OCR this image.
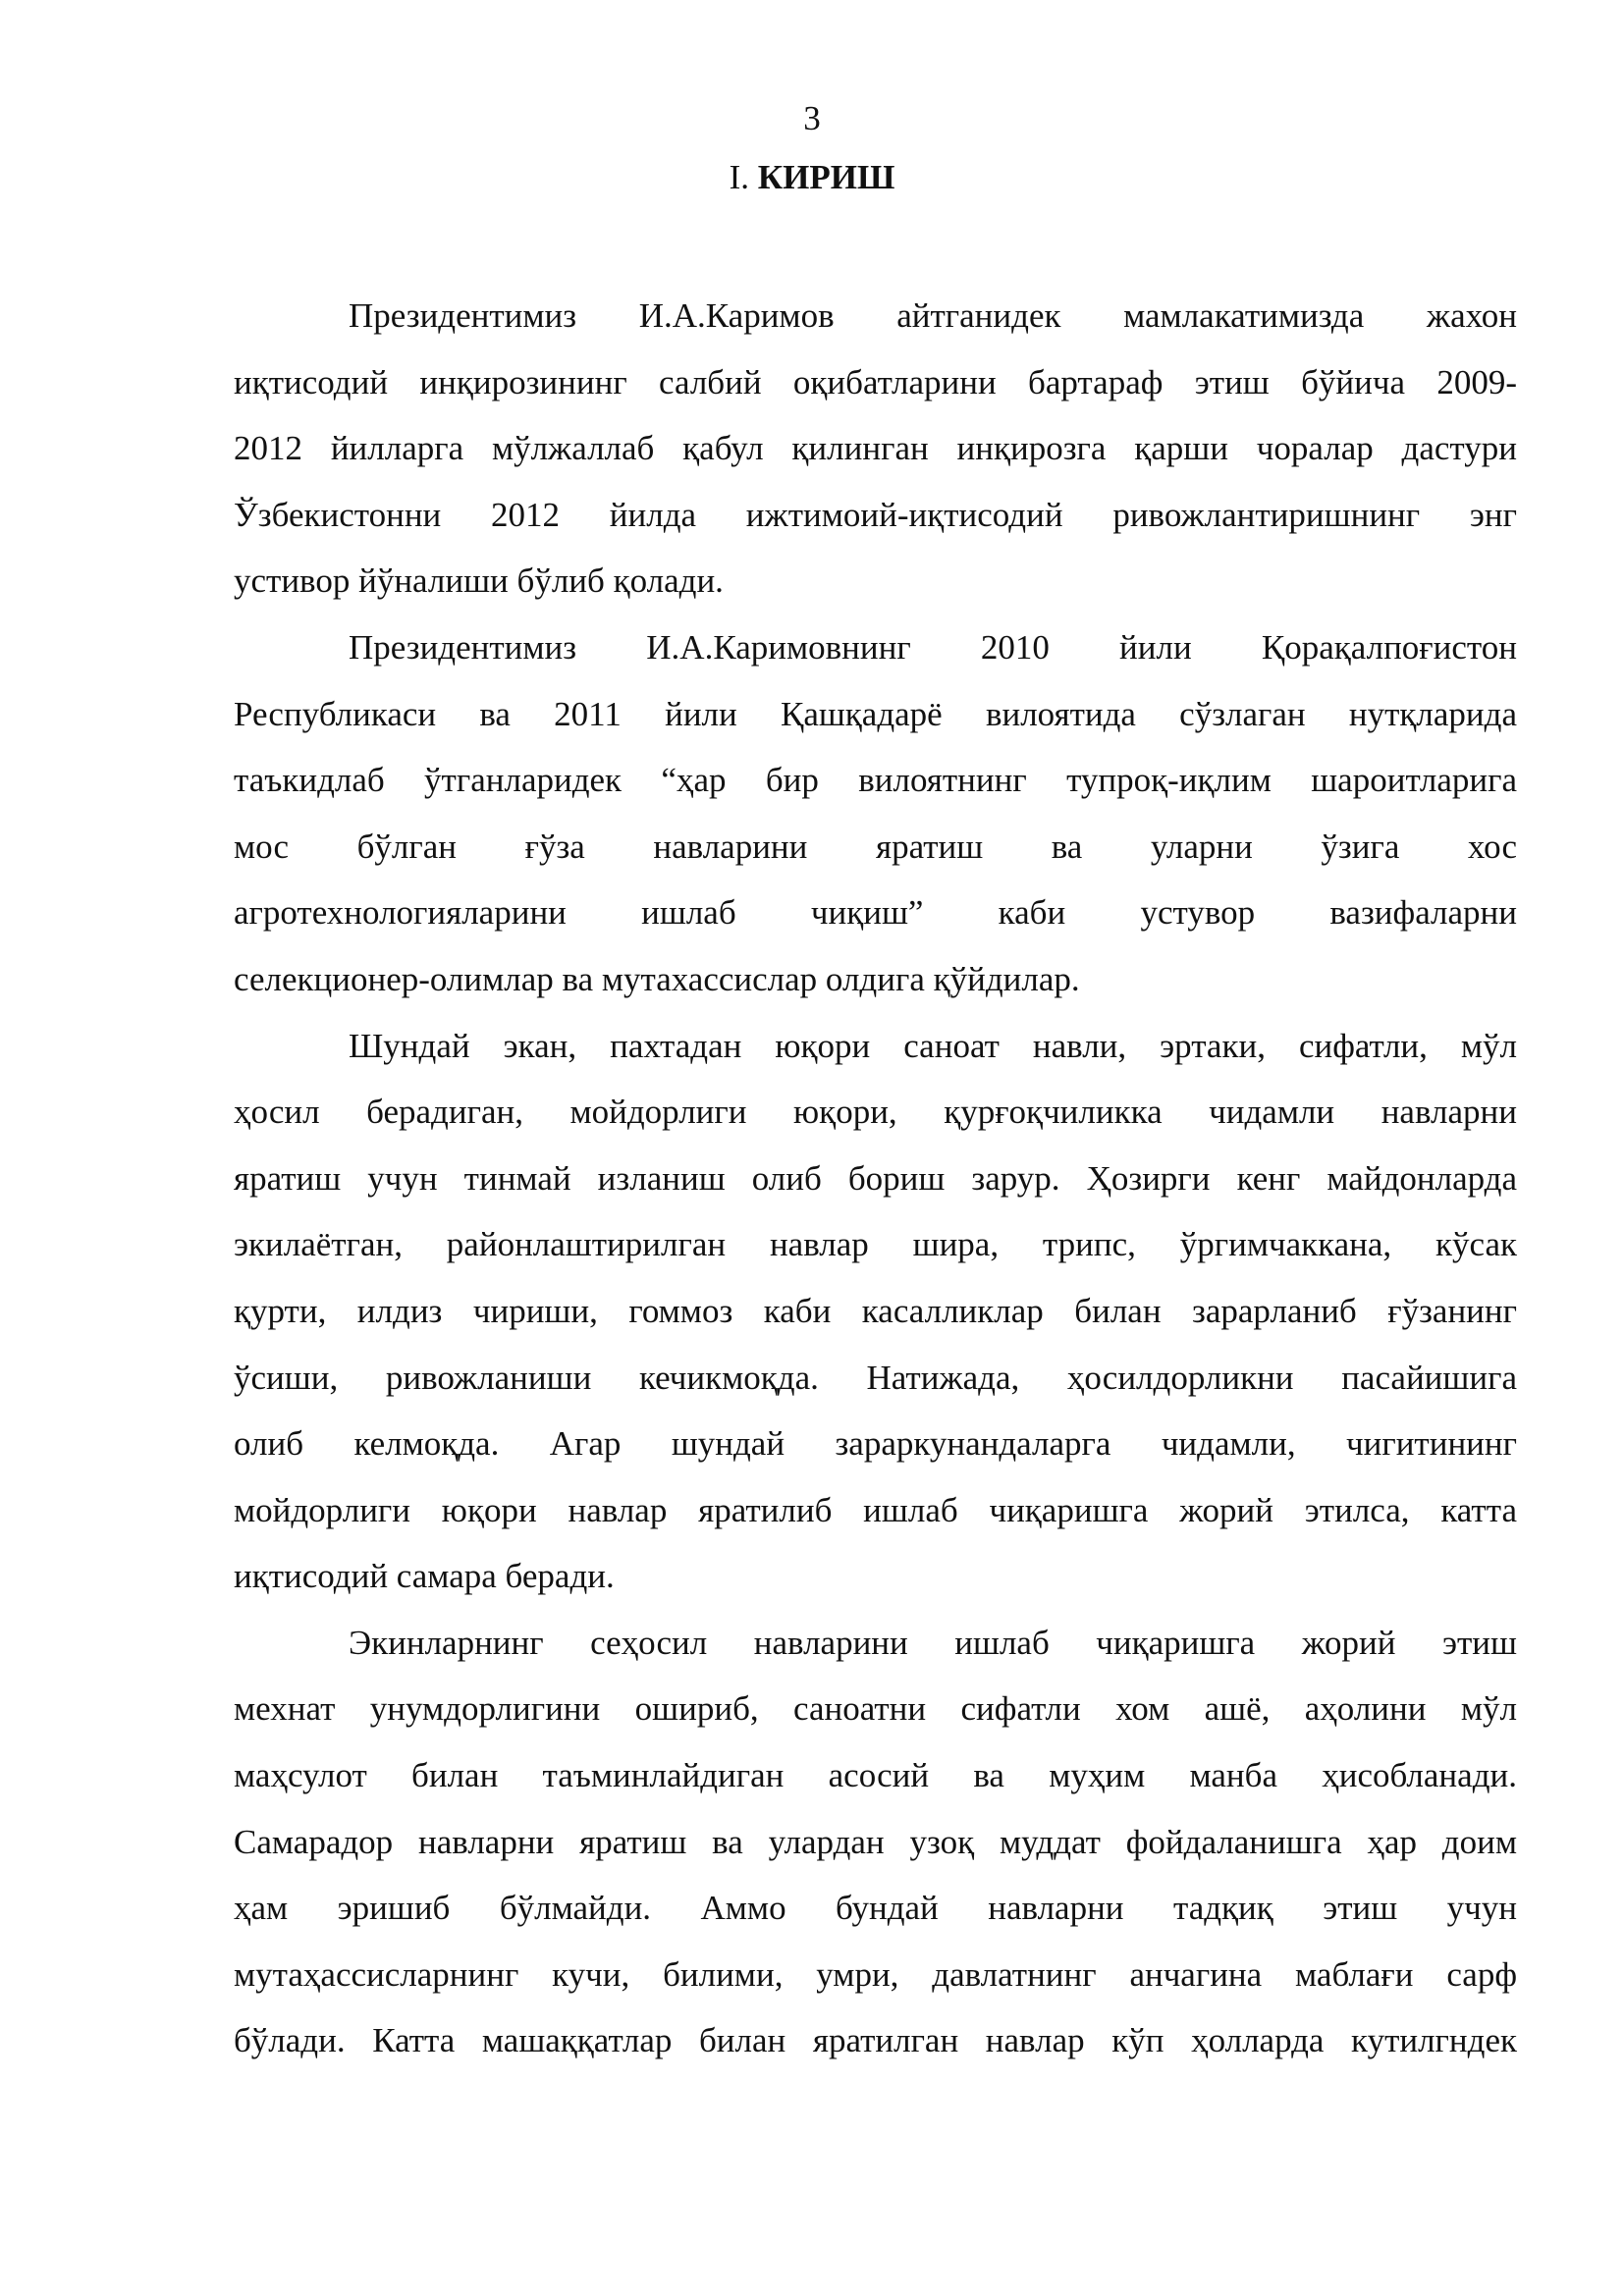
3
I. КИРИШ
Президентимиз И.А.Каримов айтганидек мамлакатимизда жахон
иқтисодий инқирозининг салбий оқибатларини бартараф этиш бўйича 2009-
2012 йилларга мўлжаллаб қабул қилинган инқирозга қарши чоралар дастури
Ўзбекистонни 2012 йилда ижтимоий-иқтисодий ривожлантиришнинг энг
устивор йўналиши бўлиб қолади.
Президентимиз И.А.Каримовнинг 2010 йили Қорақалпоғистон
Республикаси ва 2011 йили Қашқадарё вилоятида сўзлаган нутқларида
таъкидлаб ўтганларидек “ҳар бир вилоятнинг тупроқ-иқлим шароитларига
мос бўлган ғўза навларини яратиш ва уларни ўзига хос
агротехнологияларини ишлаб чиқиш” каби устувор вазифаларни
селекционер-олимлар ва мутахассислар олдига қўйдилар.
Шундай экан, пахтадан юқори саноат навли, эртаки, сифатли, мўл
ҳосил берадиган, мойдорлиги юқори, қурғоқчиликка чидамли навларни
яратиш учун тинмай изланиш олиб бориш зарур. Ҳозирги кенг майдонларда
экилаётган, районлаштирилган навлар шира, трипс, ўргимчаккана, кўсак
қурти, илдиз чириши, гоммоз каби касалликлар билан зарарланиб ғўзанинг
ўсиши, ривожланиши кечикмоқда. Натижада, ҳосилдорликни пасайишига
олиб келмоқда. Агар шундай зараркунандаларга чидамли, чигитининг
мойдорлиги юқори навлар яратилиб ишлаб чиқаришга жорий этилса, катта
иқтисодий самара беради.
Экинларнинг сеҳосил навларини ишлаб чиқаришга жорий этиш
мехнат унумдорлигини ошириб, саноатни сифатли хом ашё, аҳолини мўл
маҳсулот билан таъминлайдиган асосий ва муҳим манба ҳисобланади.
Самарадор навларни яратиш ва улардан узоқ муддат фойдаланишга ҳар доим
ҳам эришиб бўлмайди. Аммо бундай навларни тадқиқ этиш учун
мутаҳассисларнинг кучи, билими, умри, давлатнинг анчагина маблағи сарф
бўлади. Катта машаққатлар билан яратилган навлар кўп ҳолларда кутилгндек
